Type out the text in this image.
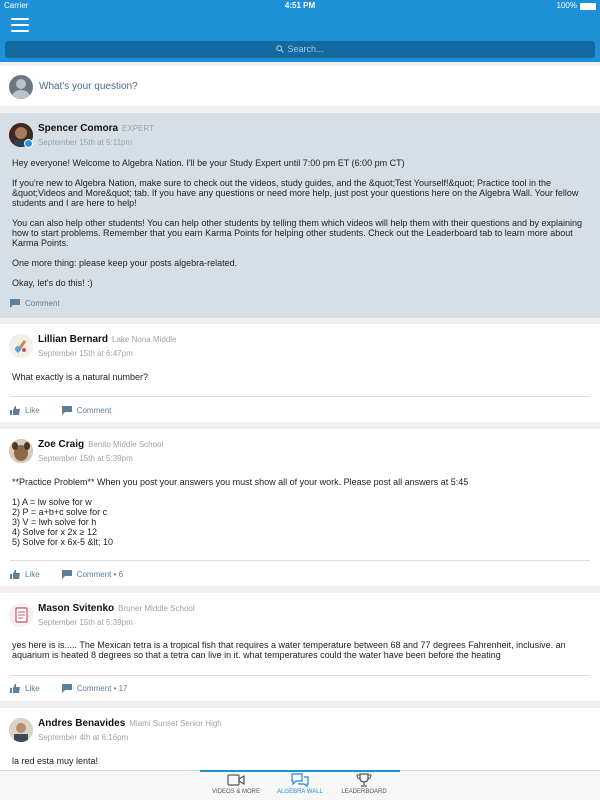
Carrier	4:51 PM	100%
Search...
What's your question?
Spencer Comora EXPERT
September 15th at 5:11pm

Hey everyone! Welcome to Algebra Nation. I'll be your Study Expert until 7:00 pm ET (6:00 pm CT)

If you're new to Algebra Nation, make sure to check out the videos, study guides, and the &quot;Test Yourself!&quot; Practice tool in the &quot;Videos and More&quot; tab. If you have any questions or need more help, just post your questions here on the Algebra Wall. Your fellow students and I are here to help!

You can also help other students! You can help other students by telling them which videos will help them with their questions and by explaining how to start problems. Remember that you earn Karma Points for helping other students. Check out the Leaderboard tab to learn more about Karma Points.

One more thing: please keep your posts algebra-related.

Okay, let's do this! :)

Comment
Lillian Bernard Lake Nona Middle
September 15th at 6:47pm

What exactly is a natural number?

Like	Comment
Zoe Craig Benito Middle School
September 15th at 5:39pm

**Practice Problem** When you post your answers you must show all of your work. Please post all answers at 5:45

1) A = lw solve for w

2) P = a+b+c solve for c

3) V = lwh solve for h

4) Solve for x 2x ≥ 12

5) Solve for x 6x-5 &lt; 10

Like	Comment • 6
Mason Svitenko Bruner Middle School
September 15th at 5:39pm

yes here is is..... The Mexican tetra is a tropical fish that requires a water temperature between 68 and 77 degrees Fahrenheit, inclusive. an aquarium is heated 8 degrees so that a tetra can live in it. what temperatures could the water have been before the heating

Like	Comment • 17
Andres Benavides Miami Sunset Senior High
September 4th at 6:16pm

la red esta muy lenta!

VIDEOS & MORE	ALGEBRA WALL	LEADERBOARD
